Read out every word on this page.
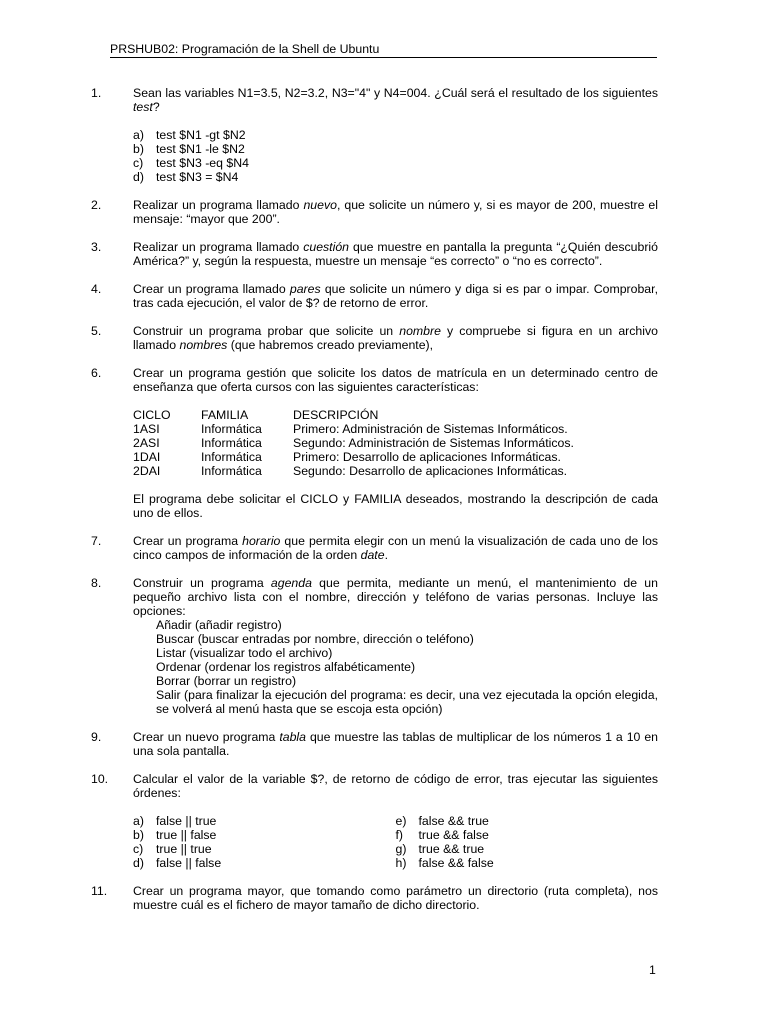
PRSHUB02: Programación de la Shell de Ubuntu
1.	Sean las variables N1=3.5, N2=3.2, N3="4" y N4=004. ¿Cuál será el resultado de los siguientes test?

a) test $N1 -gt $N2
b) test $N1 -le $N2
c)	test $N3 -eq $N4
d) test $N3 = $N4
2.	Realizar un programa llamado nuevo, que solicite un número y, si es mayor de 200, muestre el mensaje: “mayor que 200”.

3.	Realizar un programa llamado cuestión que muestre en pantalla la pregunta “¿Quién descubrió América?” y, según la respuesta, muestre un mensaje “es correcto” o “no es correcto”.

4.	Crear un programa llamado pares que solicite un número y diga si es par o impar. Comprobar, tras cada ejecución, el valor de $? de retorno de error.

5.	Construir un programa probar que solicite un nombre y compruebe si figura en un archivo llamado nombres (que habremos creado previamente),

6.	Crear un programa gestión que solicite los datos de matrícula en un determinado centro de enseñanza que oferta cursos con las siguientes características:

CICLO	FAMILIA	DESCRIPCIÓN
1ASI	Informática	Primero: Administración de Sistemas Informáticos.
2ASI	Informática	Segundo: Administración de Sistemas Informáticos.
1DAI	Informática	Primero: Desarrollo de aplicaciones Informáticas.
2DAI	Informática	Segundo: Desarrollo de aplicaciones Informáticas.

El programa debe solicitar el CICLO y FAMILIA deseados, mostrando la descripción de cada uno de ellos.

7.	Crear un programa horario que permita elegir con un menú la visualización de cada uno de los cinco campos de información de la orden date.

8.	Construir un programa agenda que permita, mediante un menú, el mantenimiento de un pequeño archivo lista con el nombre, dirección y teléfono de varias personas. Incluye las opciones:

Añadir (añadir registro)
Buscar (buscar entradas por nombre, dirección o teléfono)
Listar (visualizar todo el archivo)
Ordenar (ordenar los registros alfabéticamente)
Borrar (borrar un registro)
Salir (para finalizar la ejecución del programa: es decir, una vez ejecutada la opción elegida, se volverá al menú hasta que se escoja esta opción)
9.	Crear un nuevo programa tabla que muestre las tablas de multiplicar de los números 1 a 10 en una sola pantalla.

10.	Calcular el valor de la variable $?, de retorno de código de error, tras ejecutar las siguientes órdenes:

a) false || true
b) true || false
c)	true || true
d) false || false
e) false && true
f)	true && false
g) true && true
h) false && false
11.	Crear un programa mayor, que tomando como parámetro un directorio (ruta completa), nos muestre cuál es el fichero de mayor tamaño de dicho directorio.

1
